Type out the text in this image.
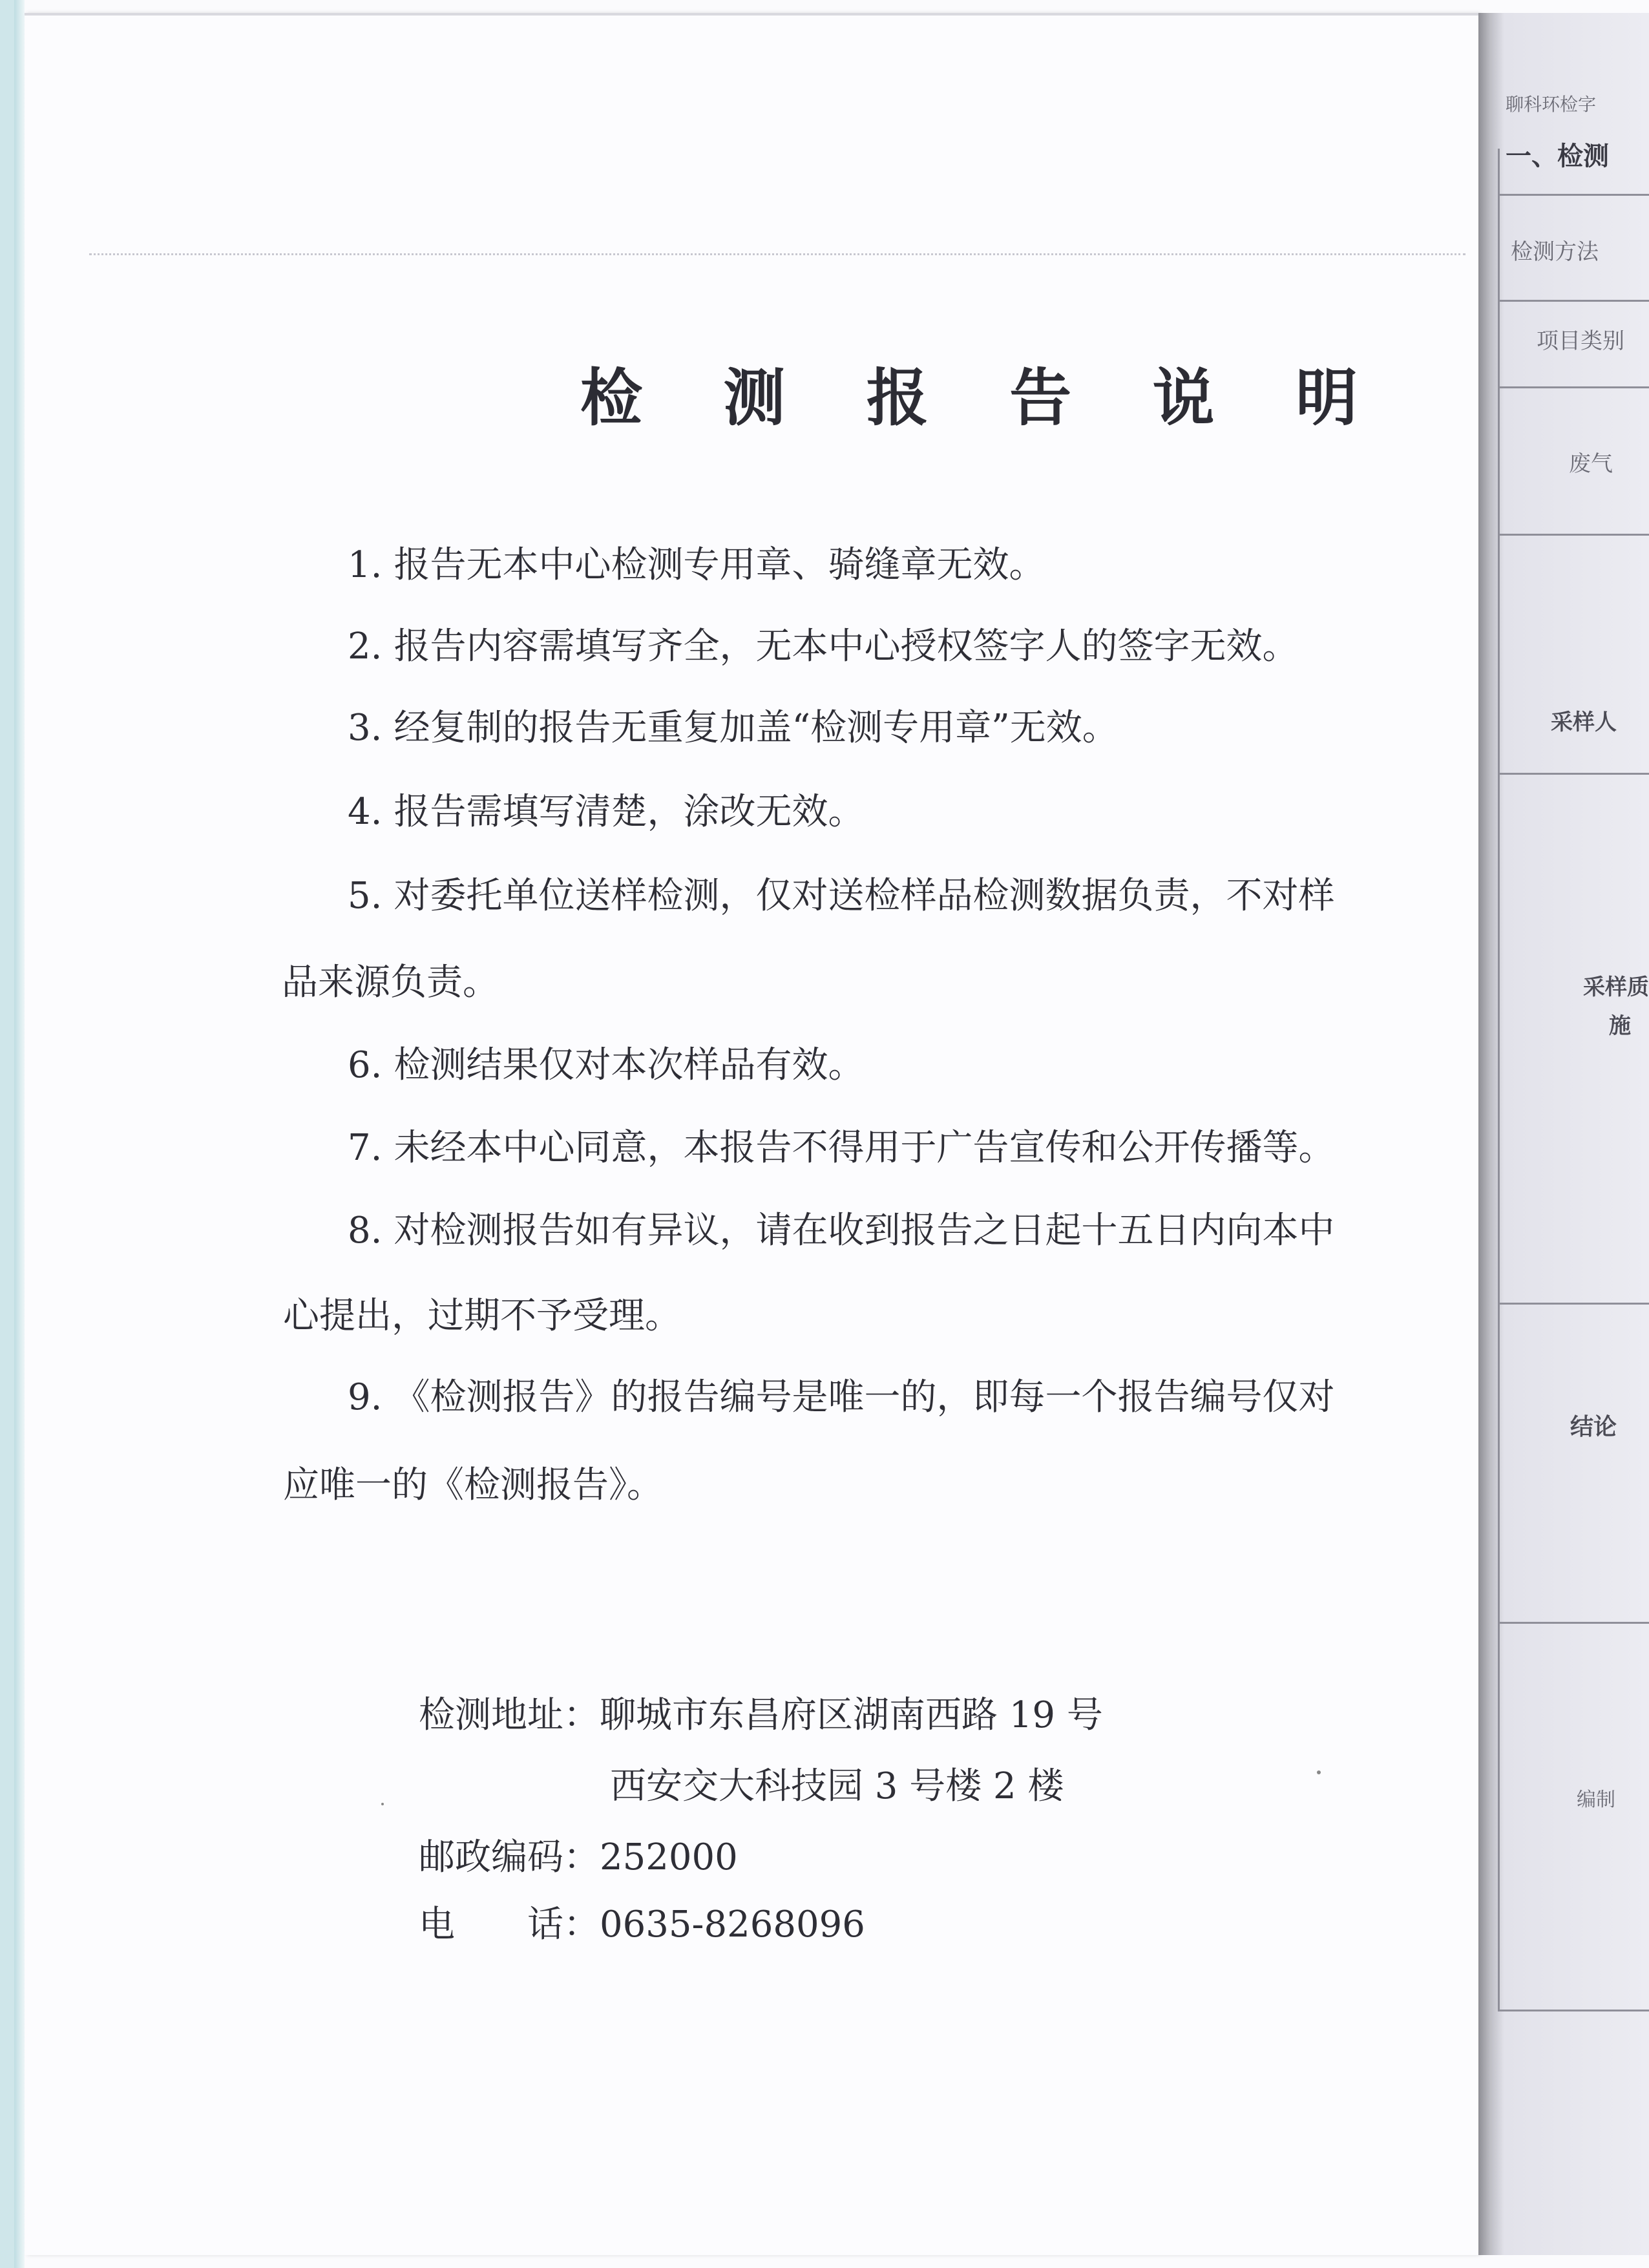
检 测 报 告 说 明
1. 报告无本中心检测专用章、骑缝章无效。
2. 报告内容需填写齐全，无本中心授权签字人的签字无效。
3. 经复制的报告无重复加盖“检测专用章”无效。
4. 报告需填写清楚，涂改无效。
5. 对委托单位送样检测，仅对送检样品检测数据负责，不对样
品来源负责。
6. 检测结果仅对本次样品有效。
7. 未经本中心同意，本报告不得用于广告宣传和公开传播等。
8. 对检测报告如有异议，请在收到报告之日起十五日内向本中
心提出，过期不予受理。
9. 《检测报告》的报告编号是唯一的，即每一个报告编号仅对
应唯一的《检测报告》。
检测地址：聊城市东昌府区湖南西路 19 号
西安交大科技园 3 号楼 2 楼
邮政编码：252000
电　　话：0635-8268096
聊科环检字
一、检测
检测方法
项目类别
废气
采样人
采样质
施
结论
编制
